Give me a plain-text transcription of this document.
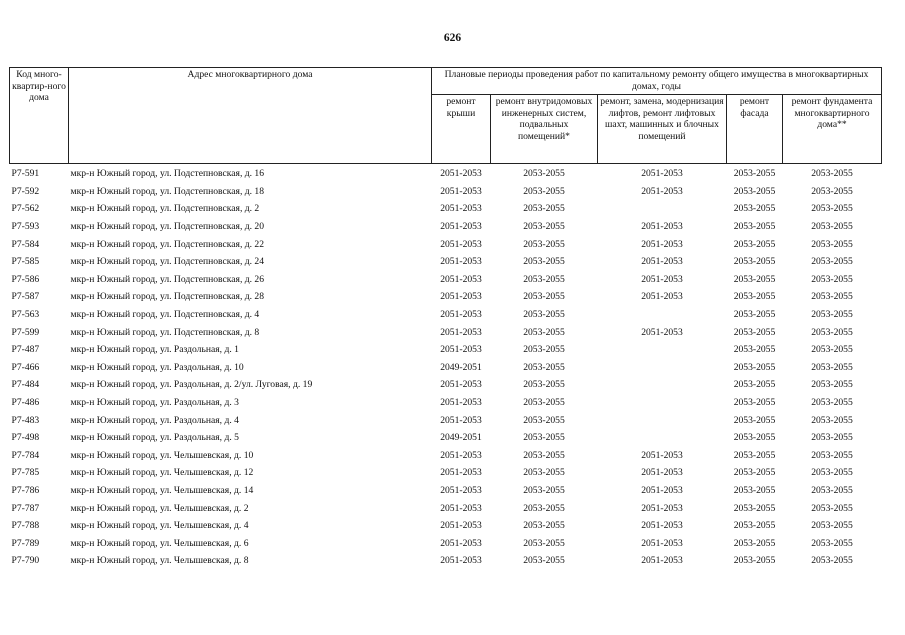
626
Код много-квартир-ного дома	Адрес многоквартирного дома	Плановые периоды проведения работ по капитальному ремонту общего имущества в многоквартирных домах, годы				
		ремонт крыши	ремонт внутридомовых инженерных систем, подвальных помещений*	ремонт, замена, модернизация лифтов, ремонт лифтовых шахт, машинных и блочных помещений	ремонт фасада	ремонт фундамента многоквартирного дома**
Р7-591	мкр-н Южный город, ул. Подстепновская, д. 16	2051-2053	2053-2055	2051-2053	2053-2055	2053-2055
Р7-592	мкр-н Южный город, ул. Подстепновская, д. 18	2051-2053	2053-2055	2051-2053	2053-2055	2053-2055
Р7-562	мкр-н Южный город, ул. Подстепновская, д. 2	2051-2053	2053-2055		2053-2055	2053-2055
Р7-593	мкр-н Южный город, ул. Подстепновская, д. 20	2051-2053	2053-2055	2051-2053	2053-2055	2053-2055
Р7-584	мкр-н Южный город, ул. Подстепновская, д. 22	2051-2053	2053-2055	2051-2053	2053-2055	2053-2055
Р7-585	мкр-н Южный город, ул. Подстепновская, д. 24	2051-2053	2053-2055	2051-2053	2053-2055	2053-2055
Р7-586	мкр-н Южный город, ул. Подстепновская, д. 26	2051-2053	2053-2055	2051-2053	2053-2055	2053-2055
Р7-587	мкр-н Южный город, ул. Подстепновская, д. 28	2051-2053	2053-2055	2051-2053	2053-2055	2053-2055
Р7-563	мкр-н Южный город, ул. Подстепновская, д. 4	2051-2053	2053-2055		2053-2055	2053-2055
Р7-599	мкр-н Южный город, ул. Подстепновская, д. 8	2051-2053	2053-2055	2051-2053	2053-2055	2053-2055
Р7-487	мкр-н Южный город, ул. Раздольная, д. 1	2051-2053	2053-2055		2053-2055	2053-2055
Р7-466	мкр-н Южный город, ул. Раздольная, д. 10	2049-2051	2053-2055		2053-2055	2053-2055
Р7-484	мкр-н Южный город, ул. Раздольная, д. 2/ул. Луговая, д. 19	2051-2053	2053-2055		2053-2055	2053-2055
Р7-486	мкр-н Южный город, ул. Раздольная, д. 3	2051-2053	2053-2055		2053-2055	2053-2055
Р7-483	мкр-н Южный город, ул. Раздольная, д. 4	2051-2053	2053-2055		2053-2055	2053-2055
Р7-498	мкр-н Южный город, ул. Раздольная, д. 5	2049-2051	2053-2055		2053-2055	2053-2055
Р7-784	мкр-н Южный город, ул. Челышевская, д. 10	2051-2053	2053-2055	2051-2053	2053-2055	2053-2055
Р7-785	мкр-н Южный город, ул. Челышевская, д. 12	2051-2053	2053-2055	2051-2053	2053-2055	2053-2055
Р7-786	мкр-н Южный город, ул. Челышевская, д. 14	2051-2053	2053-2055	2051-2053	2053-2055	2053-2055
Р7-787	мкр-н Южный город, ул. Челышевская, д. 2	2051-2053	2053-2055	2051-2053	2053-2055	2053-2055
Р7-788	мкр-н Южный город, ул. Челышевская, д. 4	2051-2053	2053-2055	2051-2053	2053-2055	2053-2055
Р7-789	мкр-н Южный город, ул. Челышевская, д. 6	2051-2053	2053-2055	2051-2053	2053-2055	2053-2055
Р7-790	мкр-н Южный город, ул. Челышевская, д. 8	2051-2053	2053-2055	2051-2053	2053-2055	2053-2055
